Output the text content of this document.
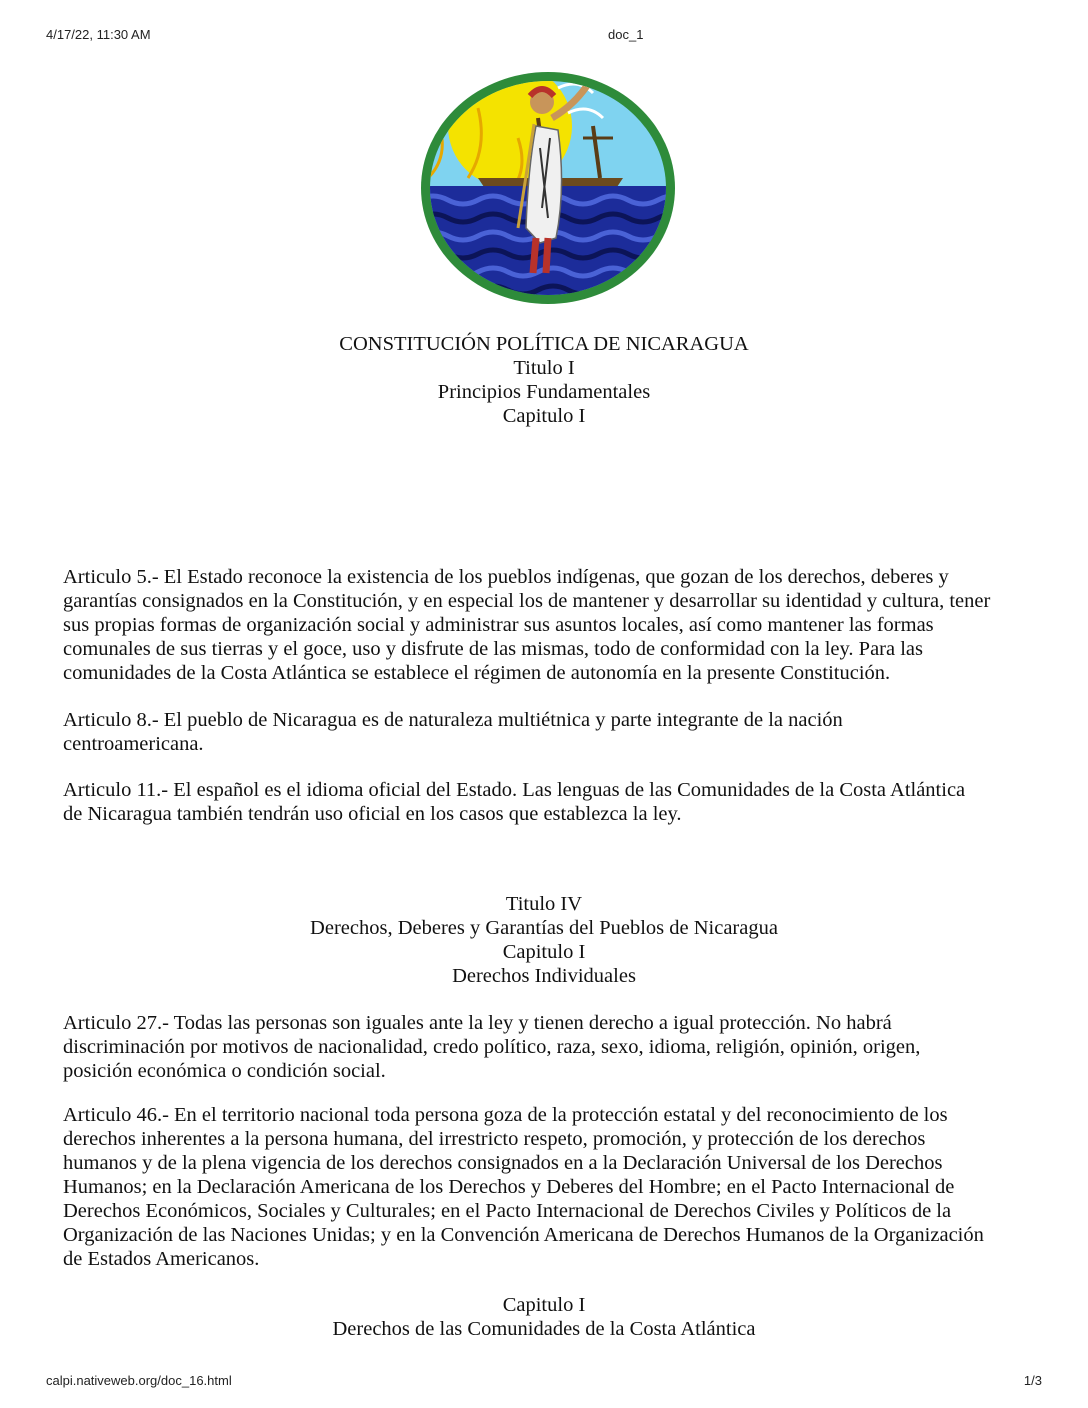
4/17/22, 11:30 AM	doc_1
CONSTITUCIÓN POLÍTICA DE NICARAGUA
Titulo I
Principios Fundamentales
Capitulo I

Articulo 5.- El Estado reconoce la existencia de los pueblos indígenas, que gozan de los derechos, deberes y
garantías consignados en la Constitución, y en especial los de mantener y desarrollar su identidad y cultura, tener
sus propias formas de organización social y administrar sus asuntos locales, así como mantener las formas
comunales de sus tierras y el goce, uso y disfrute de las mismas, todo de conformidad con la ley. Para las
comunidades de la Costa Atlántica se establece el régimen de autonomía en la presente Constitución.

Articulo 8.- El pueblo de Nicaragua es de naturaleza multiétnica y parte integrante de la nación
centroamericana.

Articulo 11.- El español es el idioma oficial del Estado. Las lenguas de las Comunidades de la Costa Atlántica
de Nicaragua también tendrán uso oficial en los casos que establezca la ley.

Titulo IV
Derechos, Deberes y Garantías del Pueblos de Nicaragua
Capitulo I
Derechos Individuales

Articulo 27.- Todas las personas son iguales ante la ley y tienen derecho a igual protección. No habrá
discriminación por motivos de nacionalidad, credo político, raza, sexo, idioma, religión, opinión, origen,
posición económica o condición social.

Articulo 46.- En el territorio nacional toda persona goza de la protección estatal y del reconocimiento de los
derechos inherentes a la persona humana, del irrestricto respeto, promoción, y protección de los derechos
humanos y de la plena vigencia de los derechos consignados en a la Declaración Universal de los Derechos
Humanos; en la Declaración Americana de los Derechos y Deberes del Hombre; en el Pacto Internacional de
Derechos Económicos, Sociales y Culturales; en el Pacto Internacional de Derechos Civiles y Políticos de la
Organización de las Naciones Unidas; y en la Convención Americana de Derechos Humanos de la Organización
de Estados Americanos.

Capitulo I
Derechos de las Comunidades de la Costa Atlántica
calpi.nativeweb.org/doc_16.html	1/3
